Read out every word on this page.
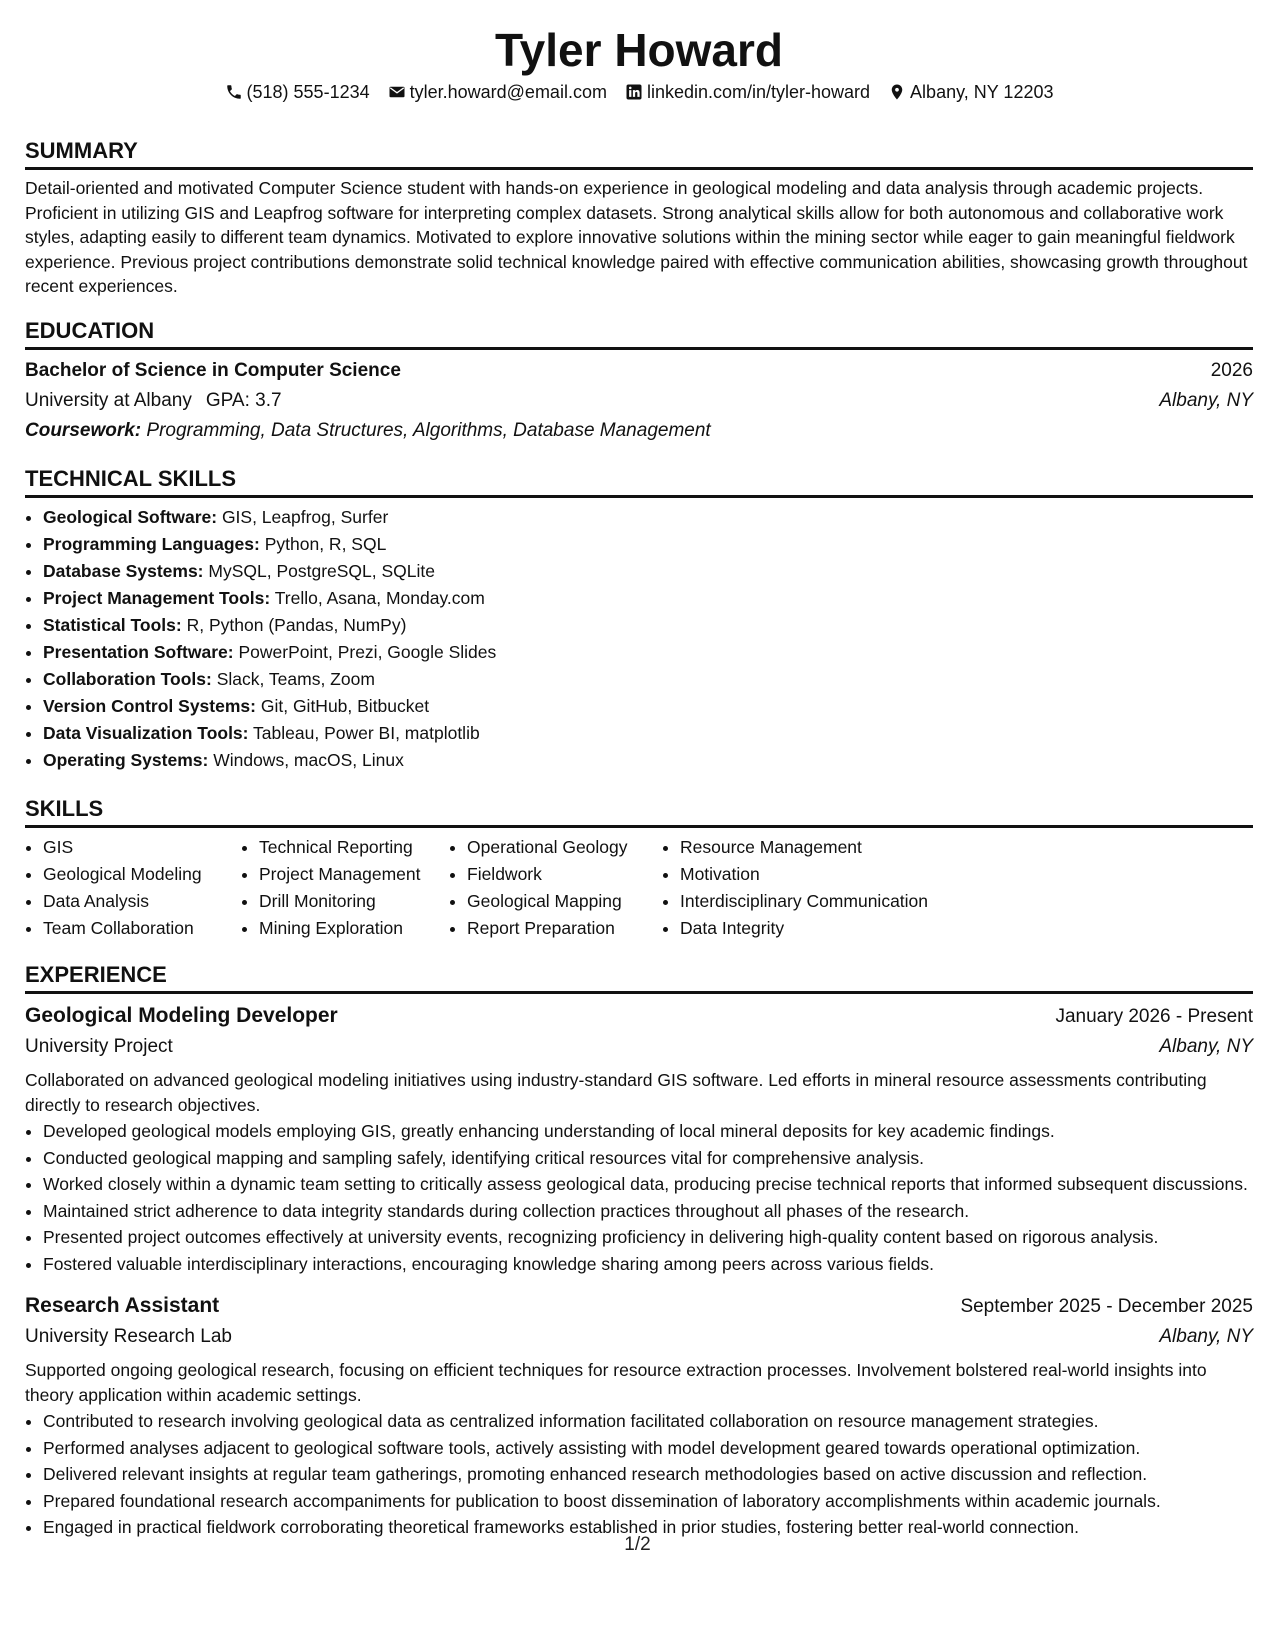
Tyler Howard
(518) 555-1234 tyler.howard@email.com linkedin.com/in/tyler-howard Albany, NY 12203
SUMMARY
Detail-oriented and motivated Computer Science student with hands-on experience in geological modeling and data analysis through academic projects. Proficient in utilizing GIS and Leapfrog software for interpreting complex datasets. Strong analytical skills allow for both autonomous and collaborative work styles, adapting easily to different team dynamics. Motivated to explore innovative solutions within the mining sector while eager to gain meaningful fieldwork experience. Previous project contributions demonstrate solid technical knowledge paired with effective communication abilities, showcasing growth throughout recent experiences.
EDUCATION
Bachelor of Science in Computer Science	2026
University at Albany GPA: 3.7	Albany, NY
Coursework: Programming, Data Structures, Algorithms, Database Management
TECHNICAL SKILLS
• Geological Software: GIS, Leapfrog, Surfer
• Programming Languages: Python, R, SQL
• Database Systems: MySQL, PostgreSQL, SQLite
• Project Management Tools: Trello, Asana, Monday.com
• Statistical Tools: R, Python (Pandas, NumPy)
• Presentation Software: PowerPoint, Prezi, Google Slides
• Collaboration Tools: Slack, Teams, Zoom
• Version Control Systems: Git, GitHub, Bitbucket
• Data Visualization Tools: Tableau, Power BI, matplotlib
• Operating Systems: Windows, macOS, Linux
SKILLS
• GIS
• Geological Modeling
• Data Analysis
• Team Collaboration
• Technical Reporting
• Project Management
• Drill Monitoring
• Mining Exploration
• Operational Geology
• Fieldwork
• Geological Mapping
• Report Preparation
• Resource Management
• Motivation
• Interdisciplinary Communication
• Data Integrity
EXPERIENCE
Geological Modeling Developer	January 2026 - Present
University Project	Albany, NY
Collaborated on advanced geological modeling initiatives using industry-standard GIS software. Led efforts in mineral resource assessments contributing directly to research objectives.
• Developed geological models employing GIS, greatly enhancing understanding of local mineral deposits for key academic findings.
• Conducted geological mapping and sampling safely, identifying critical resources vital for comprehensive analysis.
• Worked closely within a dynamic team setting to critically assess geological data, producing precise technical reports that informed subsequent discussions.
• Maintained strict adherence to data integrity standards during collection practices throughout all phases of the research.
• Presented project outcomes effectively at university events, recognizing proficiency in delivering high-quality content based on rigorous analysis.
• Fostered valuable interdisciplinary interactions, encouraging knowledge sharing among peers across various fields.
Research Assistant	September 2025 - December 2025
University Research Lab	Albany, NY
Supported ongoing geological research, focusing on efficient techniques for resource extraction processes. Involvement bolstered real-world insights into theory application within academic settings.
• Contributed to research involving geological data as centralized information facilitated collaboration on resource management strategies.
• Performed analyses adjacent to geological software tools, actively assisting with model development geared towards operational optimization.
• Delivered relevant insights at regular team gatherings, promoting enhanced research methodologies based on active discussion and reflection.
• Prepared foundational research accompaniments for publication to boost dissemination of laboratory accomplishments within academic journals.
• Engaged in practical fieldwork corroborating theoretical frameworks established in prior studies, fostering better real-world connection.
1/2
